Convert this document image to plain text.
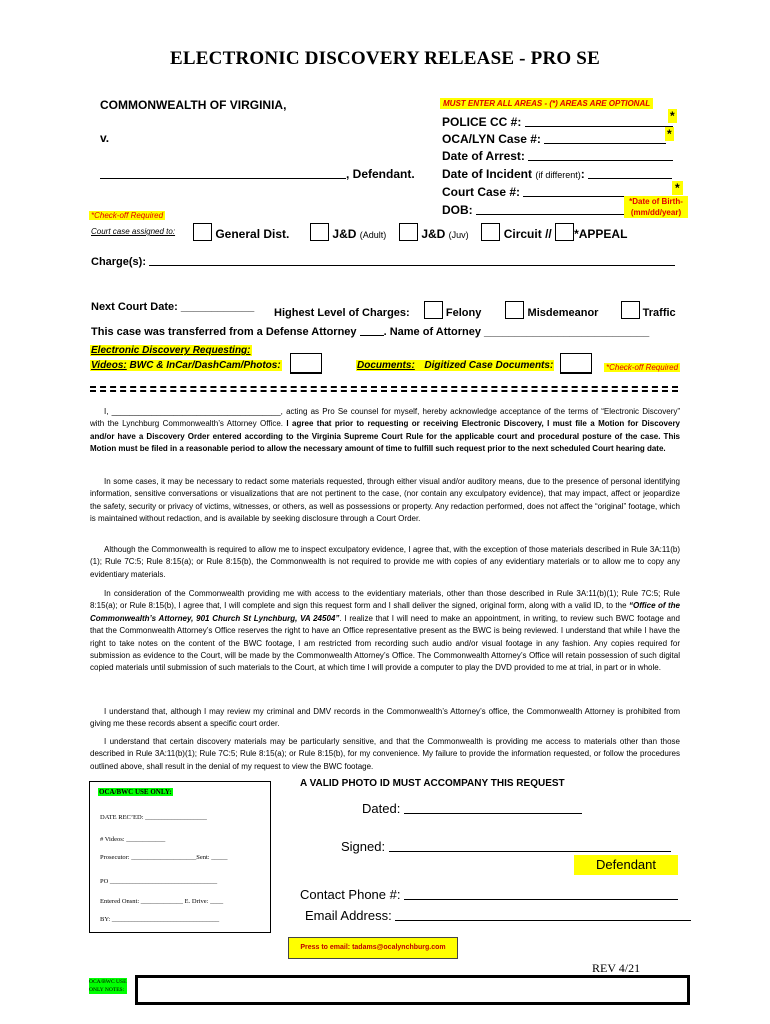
ELECTRONIC DISCOVERY RELEASE - PRO SE
COMMONWEALTH OF VIRGINIA,
v.
, Defendant.
MUST ENTER ALL AREAS - (*) AREAS ARE OPTIONAL
POLICE CC #:	*
OCA/LYN Case #:	*
Date of Arrest:
Date of Incident (if different):
Court Case #:	*
DOB:
*Date of Birth-(mm/dd/year)
*Check-off Required
Court case assigned to:	General Dist.	J&D (Adult)	J&D (Juv)	Circuit // *APPEAL
Charge(s):
Next Court Date: ____________ Highest Level of Charges:	Felony	Misdemeanor	Traffic
This case was transferred from a Defense Attorney . Name of Attorney ___________________________
Electronic Discovery Requesting:
Videos: BWC & InCar/DashCam/Photos:	Documents: Digitized Case Documents:	*Check-off Required

I, ______________________________________, acting as Pro Se counsel for myself, hereby acknowledge acceptance of the terms of “Electronic Discovery” with the Lynchburg Commonwealth’s Attorney Office. I agree that prior to requesting or receiving Electronic Discovery, I must file a Motion for Discovery and/or have a Discovery Order entered according to the Virginia Supreme Court Rule for the applicable court and procedural posture of the case. This Motion must be filed in a reasonable period to allow the necessary amount of time to fulfill such request prior to the next scheduled Court hearing date.

In some cases, it may be necessary to redact some materials requested, through either visual and/or auditory means, due to the presence of personal identifying information, sensitive conversations or visualizations that are not pertinent to the case, (nor contain any exculpatory evidence), that may impact, affect or jeopardize the safety, security or privacy of victims, witnesses, or others, as well as possessions or property. Any redaction performed, does not affect the “original” footage, which is maintained without redaction, and is available by seeking disclosure through a Court Order.

Although the Commonwealth is required to allow me to inspect exculpatory evidence, I agree that, with the exception of those materials described in Rule 3A:11(b)(1); Rule 7C:5; Rule 8:15(a); or Rule 8:15(b), the Commonwealth is not required to provide me with copies of any evidentiary materials or to allow me to copy any evidentiary materials.

In consideration of the Commonwealth providing me with access to the evidentiary materials, other than those described in Rule 3A:11(b)(1); Rule 7C:5; Rule 8:15(a); or Rule 8:15(b), I agree that, I will complete and sign this request form and I shall deliver the signed, original form, along with a valid ID, to the “Office of the Commonwealth’s Attorney, 901 Church St Lynchburg, VA 24504”. I realize that I will need to make an appointment, in writing, to review such BWC footage and that the Commonwealth Attorney’s Office reserves the right to have an Office representative present as the BWC is being reviewed. I understand that while I have the right to take notes on the content of the BWC footage, I am restricted from recording such audio and/or visual footage in any fashion. Any copies required for submission as evidence to the Court, will be made by the Commonwealth Attorney’s Office. The Commonwealth Attorney’s Office will retain possession of such digital copied materials until submission of such materials to the Court, at which time I will provide a computer to play the DVD provided to me at trial, in part or in whole.

I understand that, although I may review my criminal and DMV records in the Commonwealth’s Attorney’s office, the Commonwealth Attorney is prohibited from giving me these records absent a specific court order.

I understand that certain discovery materials may be particularly sensitive, and that the Commonwealth is providing me access to materials other than those described in Rule 3A:11(b)(1); Rule 7C:5; Rule 8:15(a); or Rule 8:15(b), for my convenience. My failure to provide the information requested, or follow the procedures outlined above, shall result in the denial of my request to view the BWC footage.

OCA/BWC USE ONLY:
DATE REC’ED: ___________________
# Videos: ____________
Prosecutor: ____________________Sent: _____
PO _________________________________
Entered Onsnt: _____________ E. Drive: ____
BY: _________________________________
A VALID PHOTO ID MUST ACCOMPANY THIS REQUEST
Dated:
Signed:
Defendant
Contact Phone #:
Email Address:
Press to email: tadams@ocalynchburg.com
REV 4/21
OCA/BWC USE ONLY NOTES:
